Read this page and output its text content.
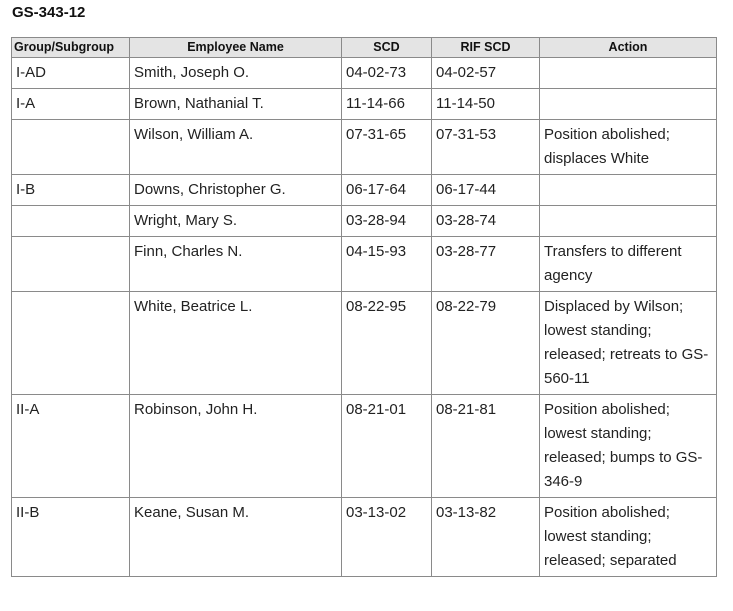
GS-343-12
Group/Subgroup	Employee Name	SCD	RIF SCD	Action
I-AD	Smith, Joseph O.	04-02-73	04-02-57	
I-A	Brown, Nathanial T.	11-14-66	11-14-50	
	Wilson, William A.	07-31-65	07-31-53	Position abolished; displaces White
I-B	Downs, Christopher G.	06-17-64	06-17-44	
	Wright, Mary S.	03-28-94	03-28-74	
	Finn, Charles N.	04-15-93	03-28-77	Transfers to different agency
	White, Beatrice L.	08-22-95	08-22-79	Displaced by Wilson; lowest standing; released; retreats to GS-560-11
II-A	Robinson, John H.	08-21-01	08-21-81	Position abolished; lowest standing; released; bumps to GS-346-9
II-B	Keane, Susan M.	03-13-02	03-13-82	Position abolished; lowest standing; released; separated
